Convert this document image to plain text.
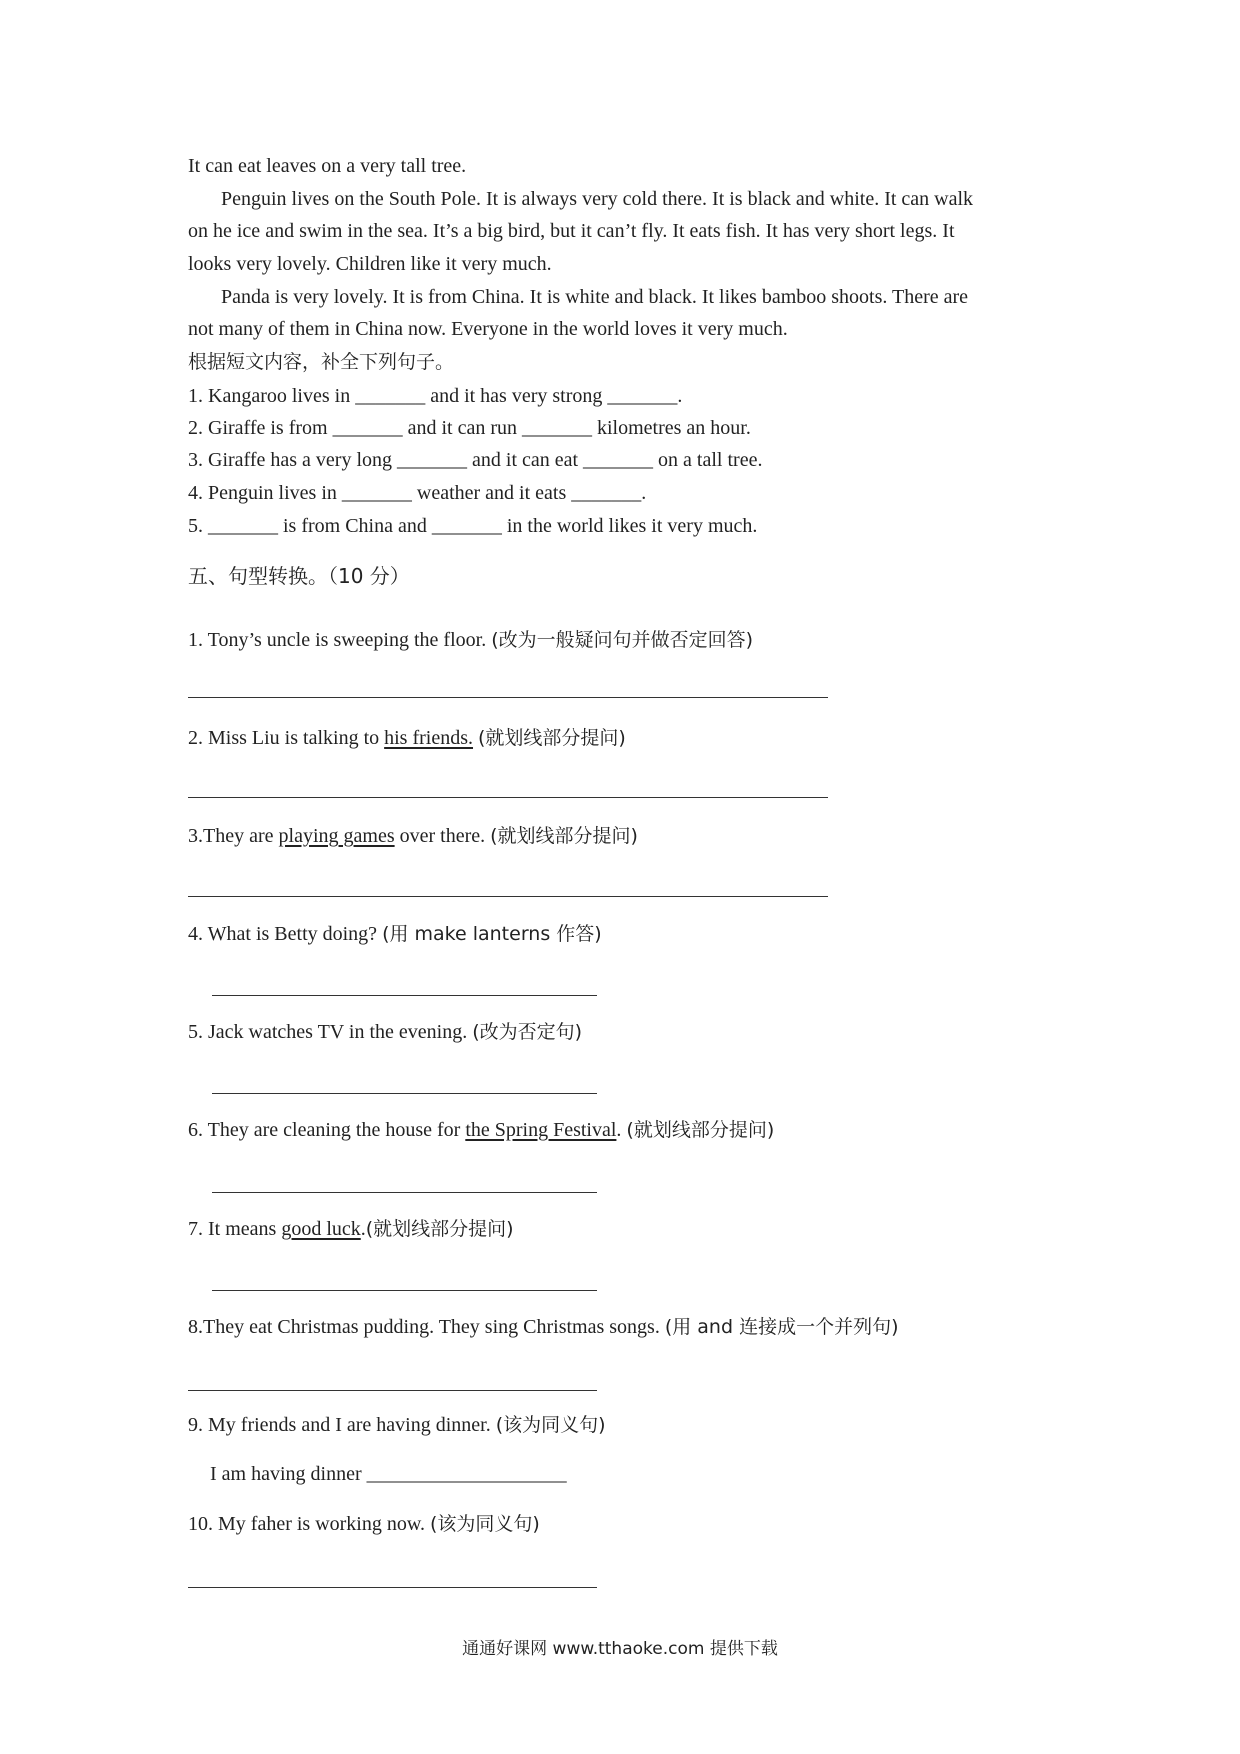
It can eat leaves on a very tall tree.
Penguin lives on the South Pole. It is always very cold there. It is black and white. It can walk
on he ice and swim in the sea. It’s a big bird, but it can’t fly. It eats fish. It has very short legs. It
looks very lovely. Children like it very much.
Panda is very lovely. It is from China. It is white and black. It likes bamboo shoots. There are
not many of them in China now. Everyone in the world loves it very much.
根据短文内容，补全下列句子。
1. Kangaroo lives in _______ and it has very strong _______.
2. Giraffe is from _______ and it can run _______ kilometres an hour.
3. Giraffe has a very long _______ and it can eat _______ on a tall tree.
4. Penguin lives in _______ weather and it eats _______.
5. _______ is from China and _______ in the world likes it very much.
五、句型转换。（10 分）
1. Tony’s uncle is sweeping the floor. (改为一般疑问句并做否定回答)
2. Miss Liu is talking to his friends. (就划线部分提问)
3.They are playing games over there. (就划线部分提问)
4. What is Betty doing? (用 make lanterns 作答)
5. Jack watches TV in the evening. (改为否定句)
6. They are cleaning the house for the Spring Festival. (就划线部分提问)
7. It means good luck.(就划线部分提问)
8.They eat Christmas pudding. They sing Christmas songs. (用 and 连接成一个并列句)
9. My friends and I are having dinner. (该为同义句)
I am having dinner ____________________
10. My faher is working now. (该为同义句)
通通好课网 www.tthaoke.com 提供下载
